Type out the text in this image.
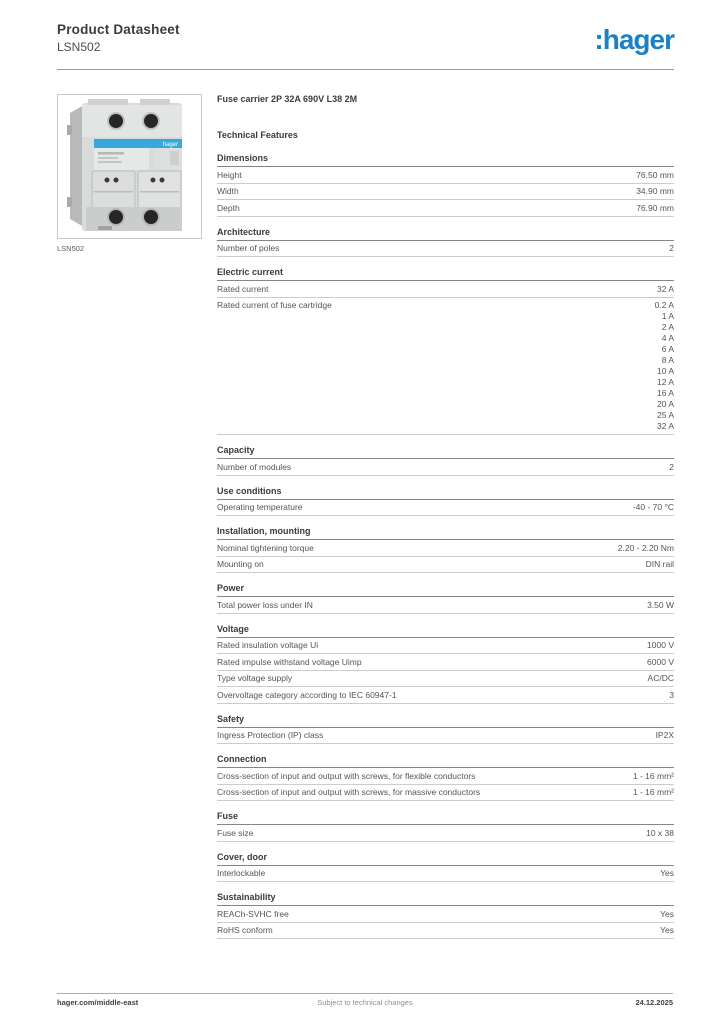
Product Datasheet
LSN502	:hager
hager
LSN502
Fuse carrier 2P 32A 690V L38 2M
Technical Features
Dimensions
Height	76.50 mm
Width	34.90 mm
Depth	76.90 mm
Architecture
Number of poles	2
Electric current
Rated current	32 A
Rated current of fuse cartridge	0.2 A
1 A
2 A
4 A
6 A
8 A
10 A
12 A
16 A
20 A
25 A
32 A
Capacity
Number of modules	2
Use conditions
Operating temperature	-40 - 70 °C
Installation, mounting
Nominal tightening torque	2.20 - 2.20 Nm
Mounting on	DIN rail
Power
Total power loss under IN	3.50 W
Voltage
Rated insulation voltage Ui	1000 V
Rated impulse withstand voltage Uimp	6000 V
Type voltage supply	AC/DC
Overvoltage category according to IEC 60947-1	3
Safety
Ingress Protection (IP) class	IP2X
Connection
Cross-section of input and output with screws, for flexible conductors	1 - 16 mm²
Cross-section of input and output with screws, for massive conductors	1 - 16 mm²
Fuse
Fuse size	10 x 38
Cover, door
Interlockable	Yes
Sustainability
REACh-SVHC free	Yes
RoHS conform	Yes
hager.com/middle-east	Subject to technical changes	24.12.2025
